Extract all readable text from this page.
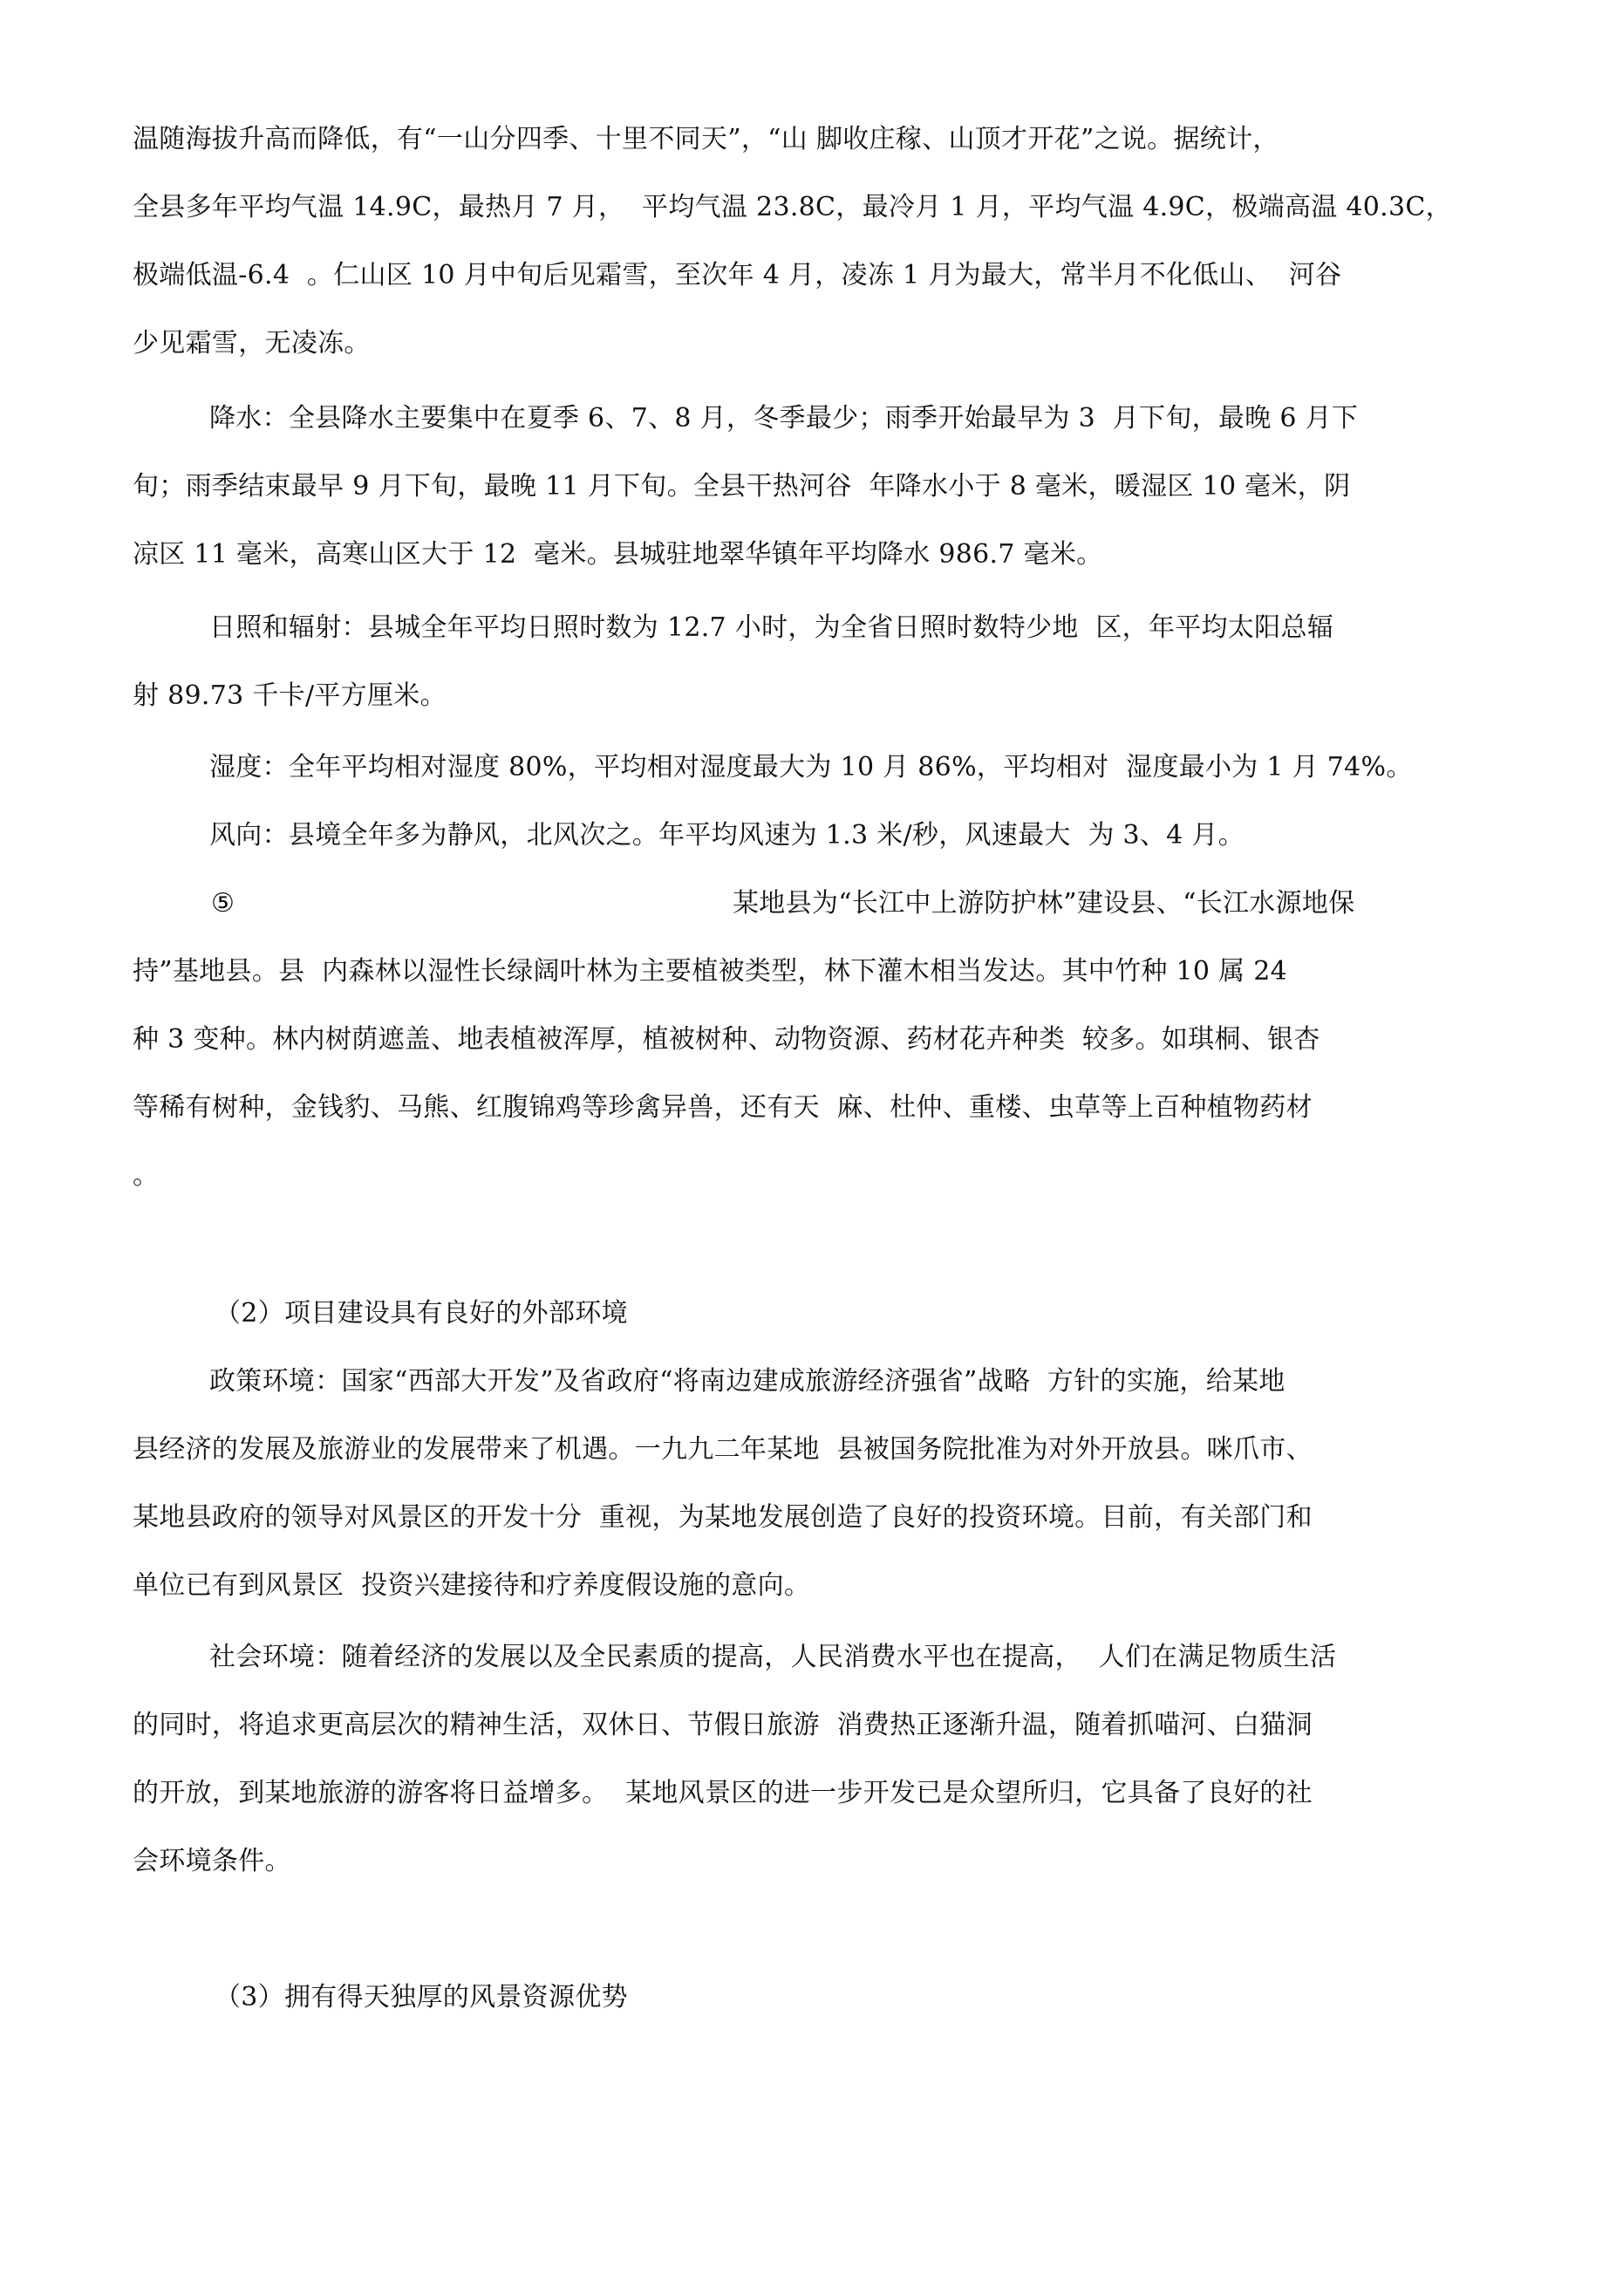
温随海拔升高而降低，有“一山分四季、十里不同天”，“山 脚收庄稼、山顶才开花”之说。据统计，
全县多年平均气温 14.9C，最热月 7 月，  平均气温 23.8C，最冷月 1 月，平均气温 4.9C，极端高温 40.3C，
极端低温-6.4  。仁山区 10 月中旬后见霜雪，至次年 4 月，凌冻 1 月为最大，常半月不化低山、  河谷
少见霜雪，无凌冻。
降水：全县降水主要集中在夏季 6、7、8 月，冬季最少；雨季开始最早为 3  月下旬，最晚 6 月下
旬；雨季结束最早 9 月下旬，最晚 11 月下旬。全县干热河谷  年降水小于 8 毫米，暖湿区 10 毫米，阴
凉区 11 毫米，高寒山区大于 12  毫米。县城驻地翠华镇年平均降水 986.7 毫米。
日照和辐射：县城全年平均日照时数为 12.7 小时，为全省日照时数特少地  区，年平均太阳总辐
射 89.73 千卡/平方厘米。
湿度：全年平均相对湿度 80%，平均相对湿度最大为 10 月 86%，平均相对  湿度最小为 1 月 74%。
风向：县境全年多为静风，北风次之。年平均风速为 1.3 米/秒，风速最大  为 3、4 月。
⑤	某地县为“长江中上游防护林”建设县、“长江水源地保
持”基地县。县  内森林以湿性长绿阔叶林为主要植被类型，林下灌木相当发达。其中竹种 10 属 24
种 3 变种。林内树荫遮盖、地表植被浑厚，植被树种、动物资源、药材花卉种类  较多。如琪桐、银杏
等稀有树种，金钱豹、马熊、红腹锦鸡等珍禽异兽，还有天  麻、杜仲、重楼、虫草等上百种植物药材
。
（2）项目建设具有良好的外部环境
政策环境：国家“西部大开发”及省政府“将南边建成旅游经济强省”战略  方针的实施，给某地
县经济的发展及旅游业的发展带来了机遇。一九九二年某地  县被国务院批准为对外开放县。咪爪市、
某地县政府的领导对风景区的开发十分  重视，为某地发展创造了良好的投资环境。目前，有关部门和
单位已有到风景区  投资兴建接待和疗养度假设施的意向。
社会环境：随着经济的发展以及全民素质的提高，人民消费水平也在提高，  人们在满足物质生活
的同时，将追求更高层次的精神生活，双休日、节假日旅游  消费热正逐渐升温，随着抓喵河、白猫洞
的开放，到某地旅游的游客将日益增多。  某地风景区的进一步开发已是众望所归，它具备了良好的社
会环境条件。
（3）拥有得天独厚的风景资源优势
